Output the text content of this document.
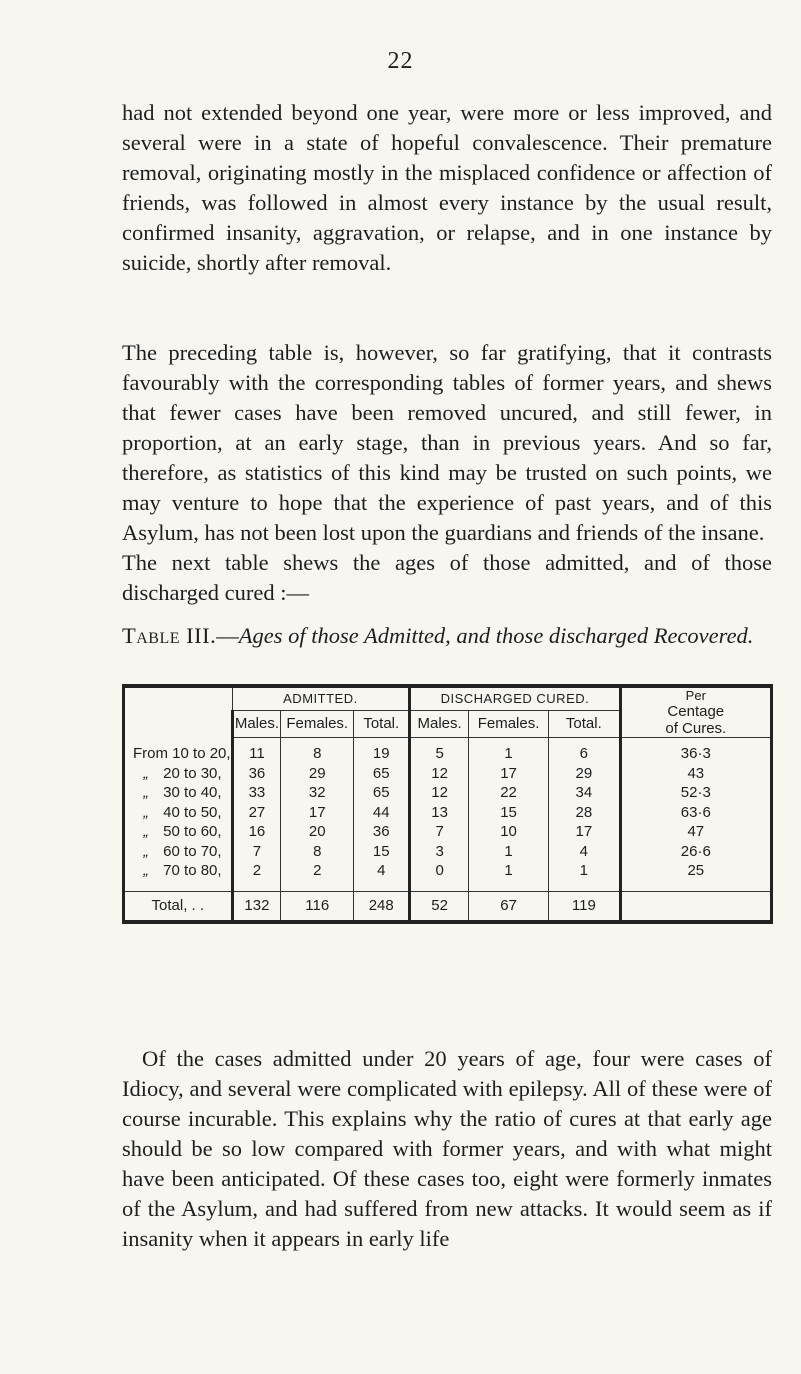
22

had not extended beyond one year, were more or less improved, and several were in a state of hopeful convalescence. Their premature removal, originating mostly in the misplaced confidence or affection of friends, was followed in almost every instance by the usual result, confirmed insanity, aggravation, or relapse, and in one instance by suicide, shortly after removal.

The preceding table is, however, so far gratifying, that it contrasts favourably with the corresponding tables of former years, and shews that fewer cases have been removed uncured, and still fewer, in proportion, at an early stage, than in previous years. And so far, therefore, as statistics of this kind may be trusted on such points, we may venture to hope that the experience of past years, and of this Asylum, has not been lost upon the guardians and friends of the insane.

The next table shews the ages of those admitted, and of those discharged cured :—

Table III.—Ages of those Admitted, and those discharged Recovered.
	ADMITTED.			DISCHARGED CURED.			Per
Centage
of Cures.

	Males.	Females.	Total.	Males.	Females.	Total.	
From 10 to 20,	11	8	19	5	1	6	36·3
„ 20 to 30,	36	29	65	12	17	29	43
„ 30 to 40,	33	32	65	12	22	34	52·3
„ 40 to 50,	27	17	44	13	15	28	63·6
„ 50 to 60,	16	20	36	7	10	17	47
„ 60 to 70,	7	8	15	3	1	4	26·6
„ 70 to 80,	2	2	4	0	1	1	25
Total, . .	132	116	248	52	67	119	

Of the cases admitted under 20 years of age, four were cases of Idiocy, and several were complicated with epilepsy. All of these were of course incurable. This explains why the ratio of cures at that early age should be so low compared with former years, and with what might have been anticipated. Of these cases too, eight were formerly inmates of the Asylum, and had suffered from new attacks. It would seem as if insanity when it appears in early life
